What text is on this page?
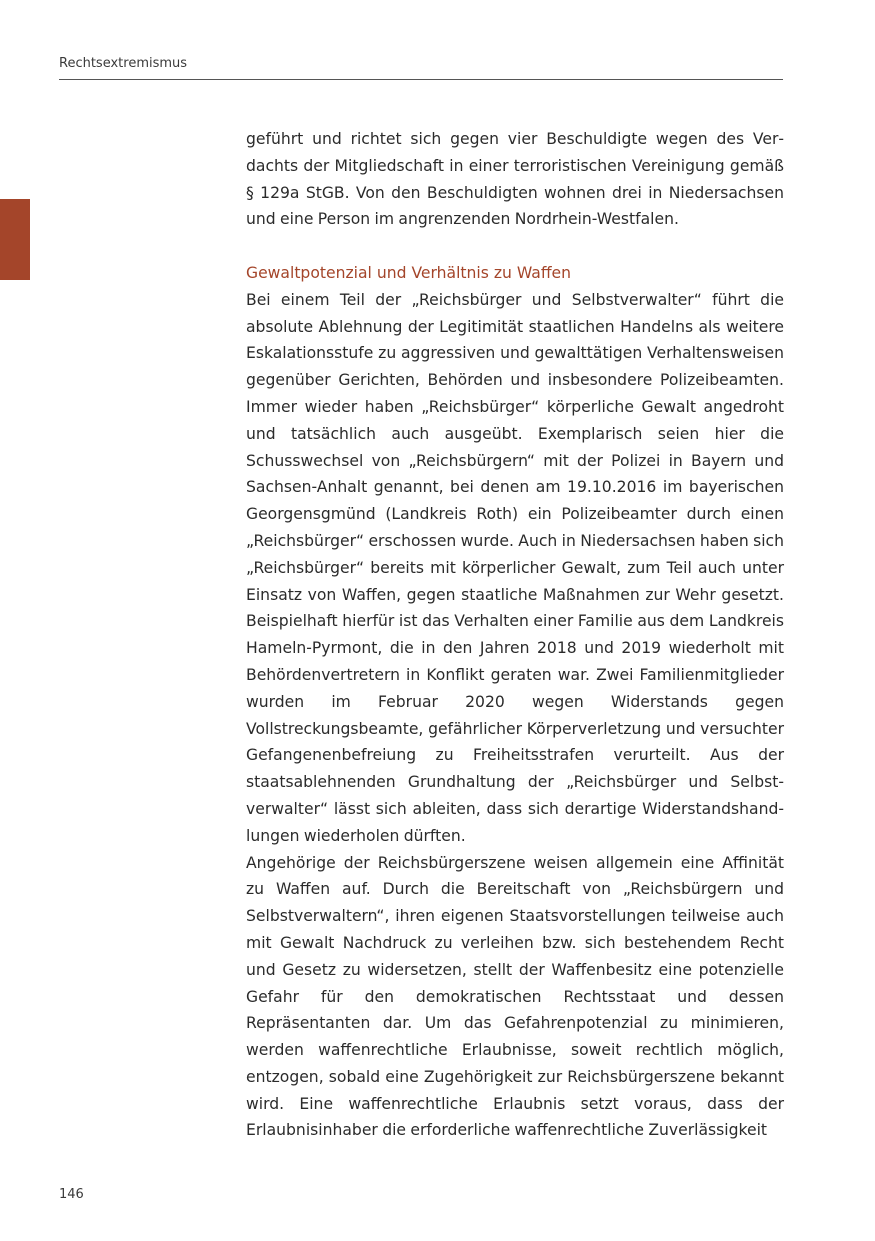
Rechtsextremismus

geführt und richtet sich gegen vier Beschuldigte wegen des Verdachts der Mitgliedschaft in einer terroristischen Vereinigung gemäß § 129a StGB. Von den Beschuldigten wohnen drei in Niedersachsen und eine Person im angrenzenden Nordrhein-Westfalen.

Gewaltpotenzial und Verhältnis zu Waffen

Bei einem Teil der „Reichsbürger und Selbstverwalter“ führt die absolute Ablehnung der Legitimität staatlichen Handelns als weitere Eskalationsstufe zu aggressiven und gewalttätigen Verhaltensweisen gegenüber Gerichten, Behörden und insbesondere Polizeibeamten. Immer wieder haben „Reichsbürger“ körperliche Gewalt angedroht und tatsächlich auch ausgeübt. Exemplarisch seien hier die Schusswechsel von „Reichsbürgern“ mit der Polizei in Bayern und Sachsen-Anhalt genannt, bei denen am 19.10.2016 im bayerischen Georgensgmünd (Landkreis Roth) ein Polizeibeamter durch einen „Reichsbürger“ erschossen wurde. Auch in Niedersachsen haben sich „Reichsbürger“ bereits mit körperlicher Gewalt, zum Teil auch unter Einsatz von Waffen, gegen staatliche Maßnahmen zur Wehr gesetzt. Beispielhaft hierfür ist das Verhalten einer Familie aus dem Landkreis Hameln-Pyrmont, die in den Jahren 2018 und 2019 wiederholt mit Behördenvertretern in Konflikt geraten war. Zwei Familienmitglieder wurden im Februar 2020 wegen Widerstands gegen Vollstreckungsbeamte, gefährlicher Körperverletzung und versuchter Gefangenenbefreiung zu Freiheitsstrafen verurteilt. Aus der staatsablehnenden Grundhaltung der „Reichsbürger und Selbstverwalter“ lässt sich ableiten, dass sich derartige Widerstandshandlungen wiederholen dürften.

Angehörige der Reichsbürgerszene weisen allgemein eine Affinität zu Waffen auf. Durch die Bereitschaft von „Reichsbürgern und Selbstverwaltern“, ihren eigenen Staatsvorstellungen teilweise auch mit Gewalt Nachdruck zu verleihen bzw. sich bestehendem Recht und Gesetz zu widersetzen, stellt der Waffenbesitz eine potenzielle Gefahr für den demokratischen Rechtsstaat und dessen Repräsentanten dar. Um das Gefahrenpotenzial zu minimieren, werden waffenrechtliche Erlaubnisse, soweit rechtlich möglich, entzogen, sobald eine Zugehörigkeit zur Reichsbürgerszene bekannt wird. Eine waffenrechtliche Erlaubnis setzt voraus, dass der Erlaubnisinhaber die erforderliche waffenrechtliche Zuverlässigkeit

146
